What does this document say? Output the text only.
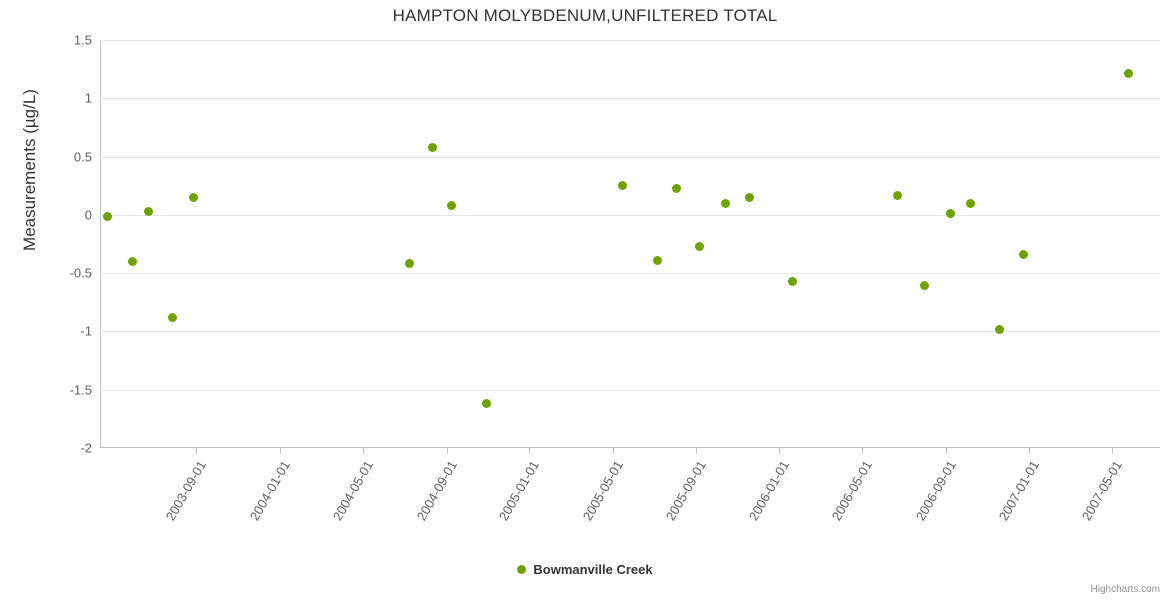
HAMPTON MOLYBDENUM,UNFILTERED TOTAL
Measurements (µg/L)
1.5
1
0.5
0
-0.5
-1
-1.5
-2
2003-09-01	2004-01-01	2004-05-01	2004-09-01	2005-01-01	2005-05-01	2005-09-01	2006-01-01	2006-05-01	2006-09-01	2007-01-01	2007-05-01
Bowmanville Creek
Highcharts.com
